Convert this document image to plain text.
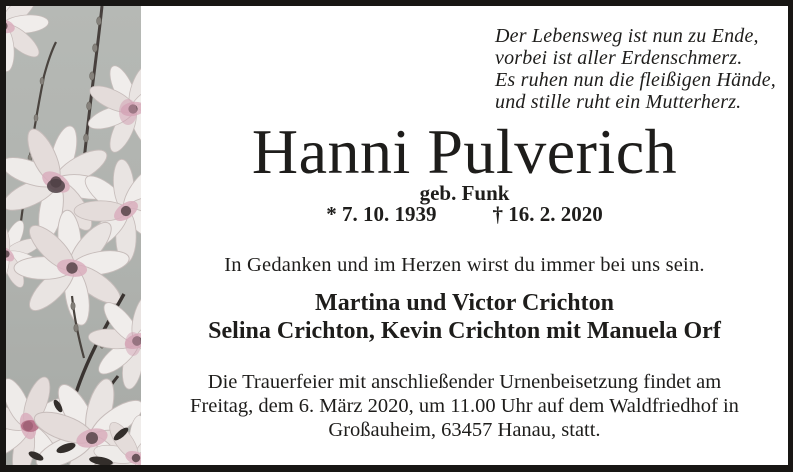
Der Lebensweg ist nun zu Ende,
vorbei ist aller Erdenschmerz.
Es ruhen nun die fleißigen Hände,
und stille ruht ein Mutterherz.
Hanni Pulverich
geb. Funk
* 7. 10. 1939	† 16. 2. 2020
In Gedanken und im Herzen wirst du immer bei uns sein.
Martina und Victor Crichton
Selina Crichton, Kevin Crichton mit Manuela Orf
Die Trauerfeier mit anschließender Urnenbeisetzung findet am
Freitag, dem 6. März 2020, um 11.00 Uhr auf dem Waldfriedhof in
Großauheim, 63457 Hanau, statt.
